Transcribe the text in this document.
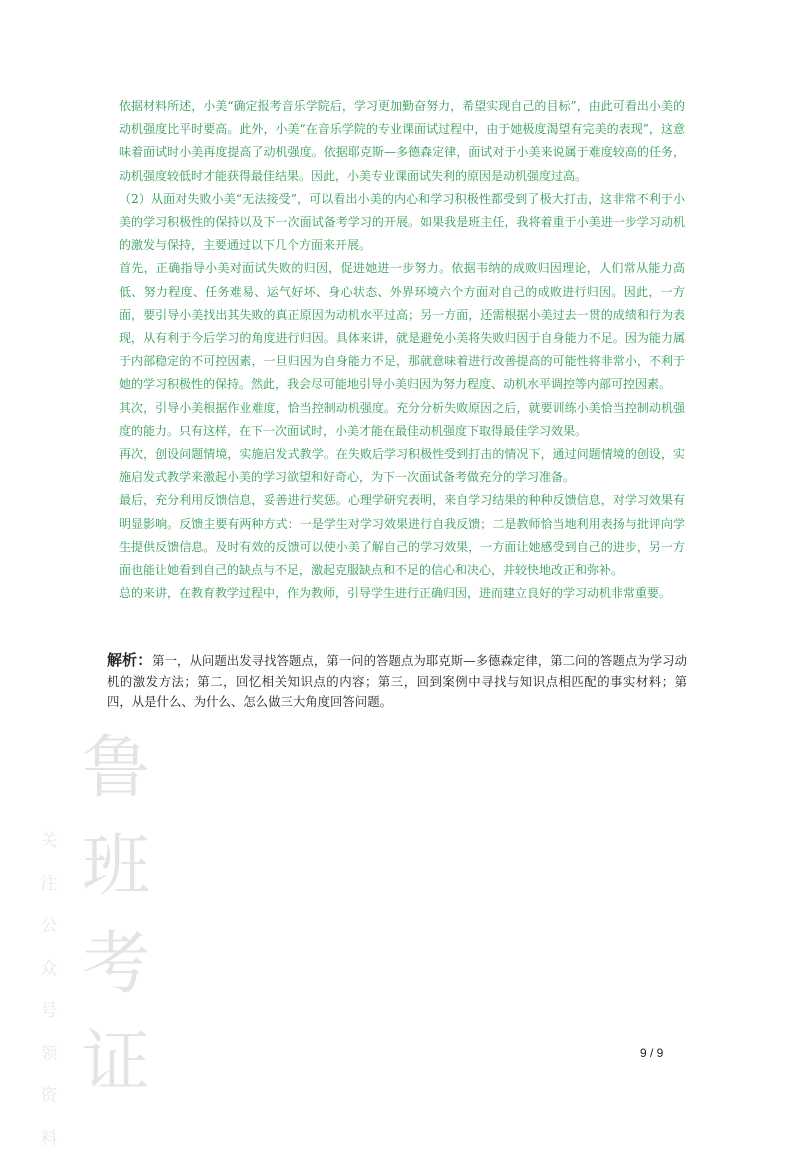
依据材料所述，小美“确定报考音乐学院后，学习更加勤奋努力，希望实现自己的目标”，由此可看出小美的动机强度比平时要高。此外，小美“在音乐学院的专业课面试过程中，由于她极度渴望有完美的表现”，这意味着面试时小美再度提高了动机强度。依据耶克斯—多德森定律，面试对于小美来说属于难度较高的任务，动机强度较低时才能获得最佳结果。因此，小美专业课面试失利的原因是动机强度过高。

（2）从面对失败小美“无法接受”，可以看出小美的内心和学习积极性都受到了极大打击，这非常不利于小美的学习积极性的保持以及下一次面试备考学习的开展。如果我是班主任，我将着重于小美进一步学习动机的激发与保持，主要通过以下几个方面来开展。

首先，正确指导小美对面试失败的归因，促进她进一步努力。依据韦纳的成败归因理论，人们常从能力高低、努力程度、任务难易、运气好坏、身心状态、外界环境六个方面对自己的成败进行归因。因此，一方面，要引导小美找出其失败的真正原因为动机水平过高；另一方面，还需根据小美过去一贯的成绩和行为表现，从有利于今后学习的角度进行归因。具体来讲，就是避免小美将失败归因于自身能力不足。因为能力属于内部稳定的不可控因素，一旦归因为自身能力不足，那就意味着进行改善提高的可能性将非常小，不利于她的学习积极性的保持。然此，我会尽可能地引导小美归因为努力程度、动机水平调控等内部可控因素。

其次，引导小美根据作业难度，恰当控制动机强度。充分分析失败原因之后，就要训练小美恰当控制动机强度的能力。只有这样，在下一次面试时，小美才能在最佳动机强度下取得最佳学习效果。

再次，创设问题情境，实施启发式教学。在失败后学习积极性受到打击的情况下，通过问题情境的创设，实施启发式教学来激起小美的学习欲望和好奇心，为下一次面试备考做充分的学习准备。

最后，充分利用反馈信息，妥善进行奖惩。心理学研究表明，来自学习结果的种种反馈信息，对学习效果有明显影响。反馈主要有两种方式：一是学生对学习效果进行自我反馈；二是教师恰当地利用表扬与批评向学生提供反馈信息。及时有效的反馈可以使小美了解自己的学习效果，一方面让她感受到自己的进步，另一方面也能让她看到自己的缺点与不足，激起克服缺点和不足的信心和决心，并较快地改正和弥补。

总的来讲，在教育教学过程中，作为教师，引导学生进行正确归因，进而建立良好的学习动机非常重要。

解析：第一，从问题出发寻找答题点，第一问的答题点为耶克斯—多德森定律，第二问的答题点为学习动机的激发方法；第二，回忆相关知识点的内容；第三，回到案例中寻找与知识点相匹配的事实材料；第四，从是什么、为什么、怎么做三大角度回答问题。

鲁
班
考
证
关
注
公
众
号
领
资
料
9 / 9
